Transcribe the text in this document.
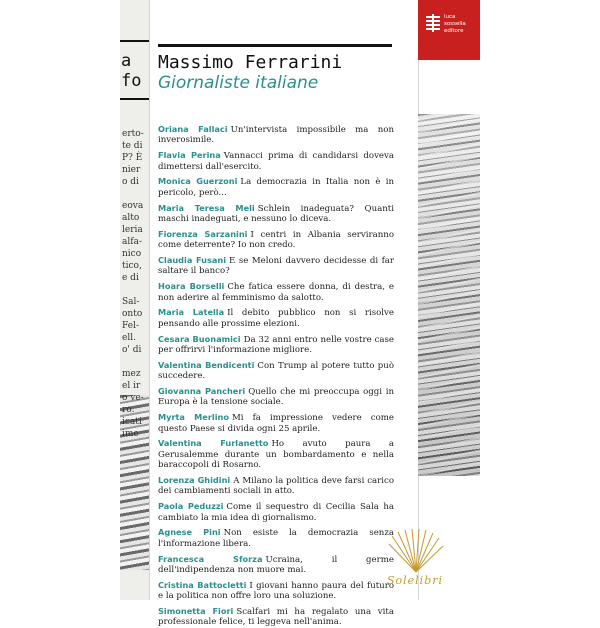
a
fo
erto-
te di
P? È
nier
o di
eova
alto
leria
alfa-
nico
tico,
e di
Sal-
onto
Fel-
ell.
o' di
mez
el ir
o ve-
ro.
icati
ime
Massimo Ferrarini
Giornaliste italiane
Oriana Fallaci Un'intervista impossibile ma non inverosimile.
Flavia Perina Vannacci prima di candidarsi doveva dimettersi dall'esercito.
Monica Guerzoni La democrazia in Italia non è in pericolo, però...
Maria Teresa Meli Schlein inadeguata? Quanti maschi inadeguati, e nessuno lo diceva.
Fiorenza Sarzanini I centri in Albania serviranno come deterrente? Io non credo.
Claudia Fusani E se Meloni davvero decidesse di far saltare il banco?
Hoara Borselli Che fatica essere donna, di destra, e non aderire al femminismo da salotto.
Maria Latella Il debito pubblico non si risolve pensando alle prossime elezioni.
Cesara Buonamici Da 32 anni entro nelle vostre case per offrirvi l'informazione migliore.
Valentina Bendicenti Con Trump al potere tutto può succedere.
Giovanna Pancheri Quello che mi preoccupa oggi in Europa è la tensione sociale.
Myrta Merlino Mi fa impressione vedere come questo Paese si divida ogni 25 aprile.
Valentina Furlanetto Ho avuto paura a Gerusalemme durante un bombardamento e nella baraccopoli di Rosarno.
Lorenza Ghidini A Milano la politica deve farsi carico dei cambiamenti sociali in atto.
Paola Peduzzi Come il sequestro di Cecilia Sala ha cambiato la mia idea di giornalismo.
Agnese Pini Non esiste la democrazia senza l'informazione libera.
Francesca Sforza Ucraina, il germe dell'indipendenza non muore mai.
Cristina Battocletti I giovani hanno paura del futuro e la politica non offre loro una soluzione.
Simonetta Fiori Scalfari mi ha regalato una vita professionale felice, ti leggeva nell'anima.
luca
sossella
editore
Solelibri
